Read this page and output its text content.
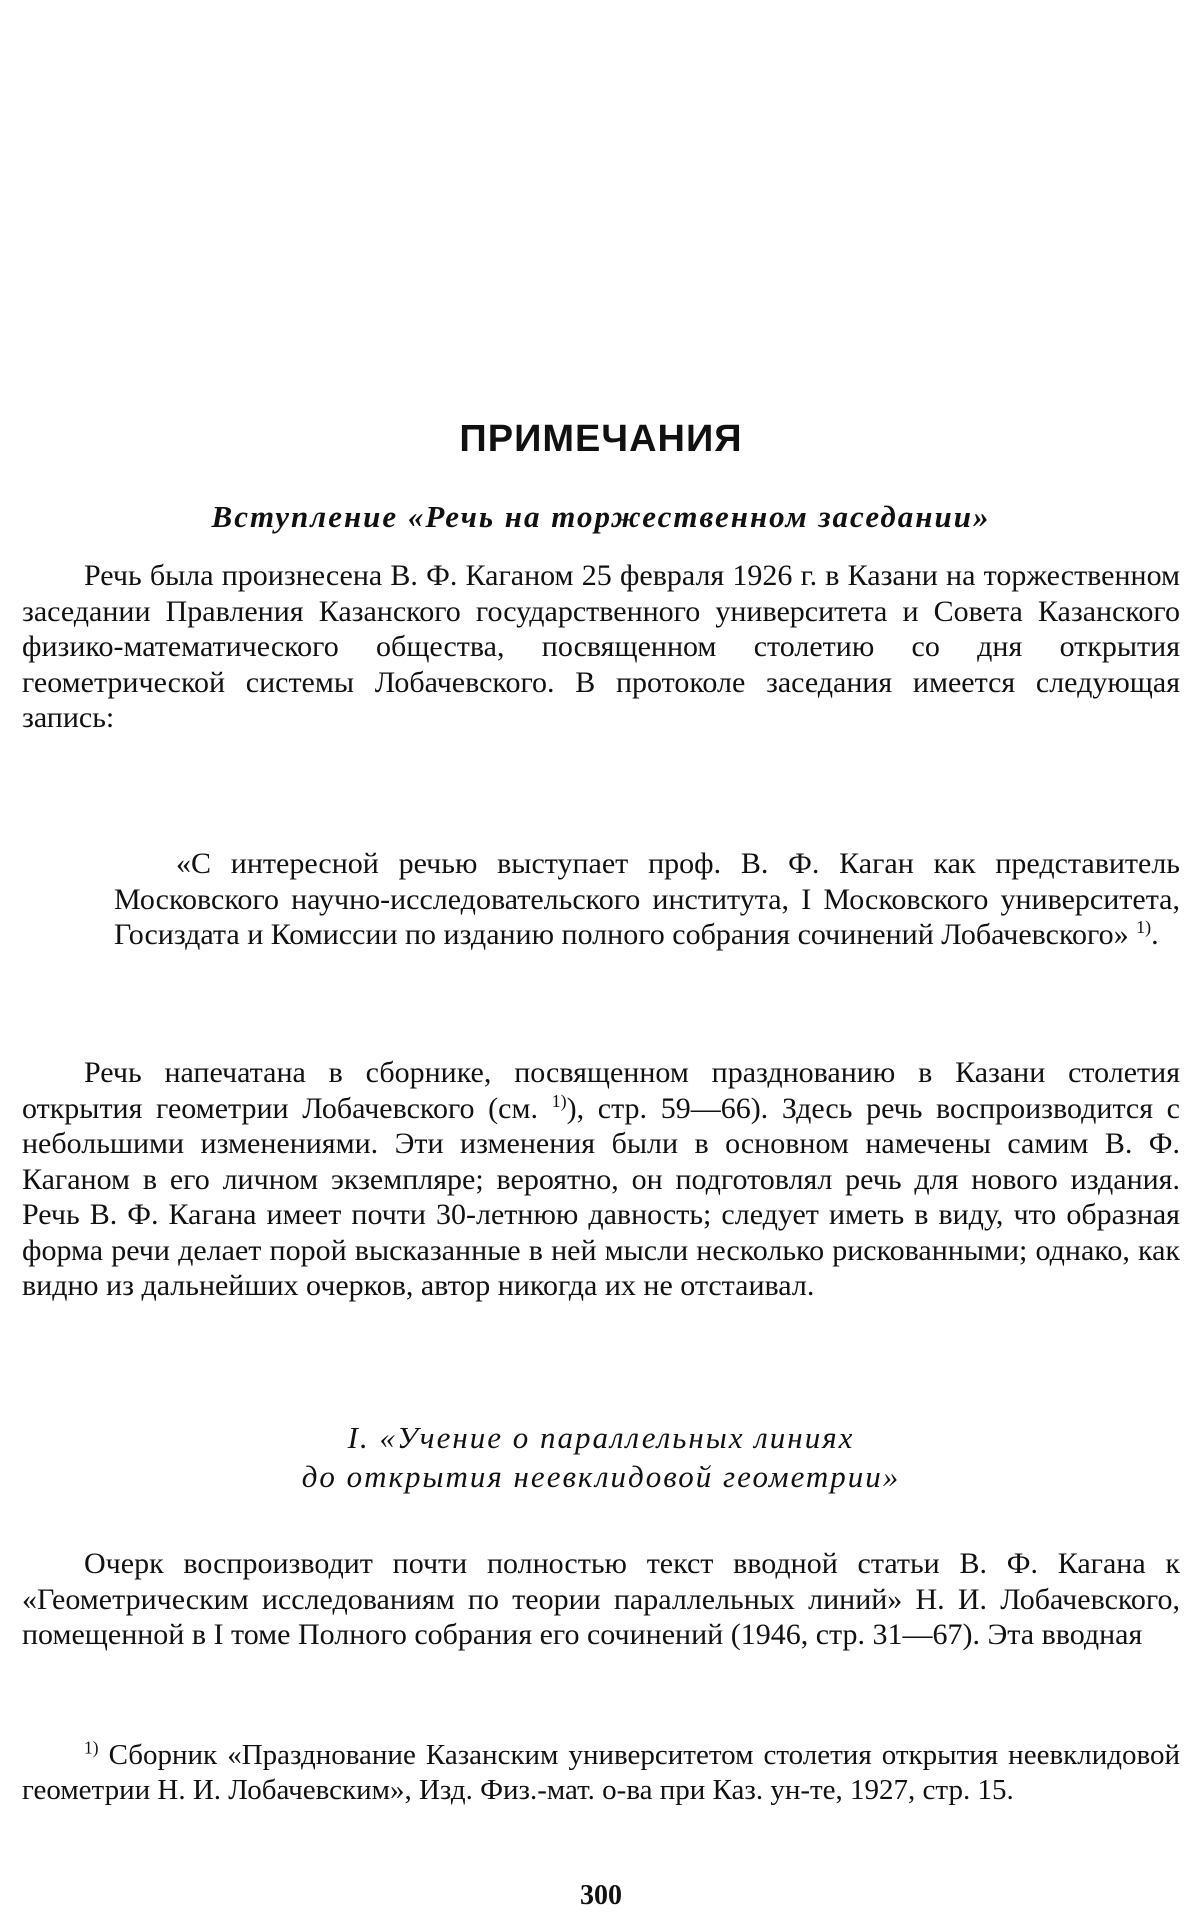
ПРИМЕЧАНИЯ
Вступление «Речь на торжественном заседании»

Речь была произнесена В. Ф. Каганом 25 февраля 1926 г. в Казани на торжественном заседании Правления Казанского государственного университета и Совета Казанского физико-математического общества, посвященном столетию со дня открытия геометрической системы Лобачевского. В протоколе заседания имеется следующая запись:

«С интересной речью выступает проф. В. Ф. Каган как представитель Московского научно-исследовательского института, I Московского университета, Госиздата и Комиссии по изданию полного собрания сочинений Лобачевского» $^{1)}$.

Речь напечатана в сборнике, посвященном празднованию в Казани столетия открытия геометрии Лобачевского (см. $^{1)}$), стр. 59—66). Здесь речь воспроизводится с небольшими изменениями. Эти изменения были в основном намечены самим В. Ф. Каганом в его личном экземпляре; вероятно, он подготовлял речь для нового издания. Речь В. Ф. Кагана имеет почти 30-летнюю давность; следует иметь в виду, что образная форма речи делает порой высказанные в ней мысли несколько рискованными; однако, как видно из дальнейших очерков, автор никогда их не отстаивал.

I. «Учение о параллельных линиях
до открытия неевклидовой геометрии»

Очерк воспроизводит почти полностью текст вводной статьи В. Ф. Кагана к «Геометрическим исследованиям по теории параллельных линий» Н. И. Лобачевского, помещенной в I томе Полного собрания его сочинений (1946, стр. 31—67). Эта вводная

$^{1)}$ Сборник «Празднование Казанским университетом столетия открытия неевклидовой геометрии Н. И. Лобачевским», Изд. Физ.-мат. о-ва при Каз. ун-те, 1927, стр. 15.

300
